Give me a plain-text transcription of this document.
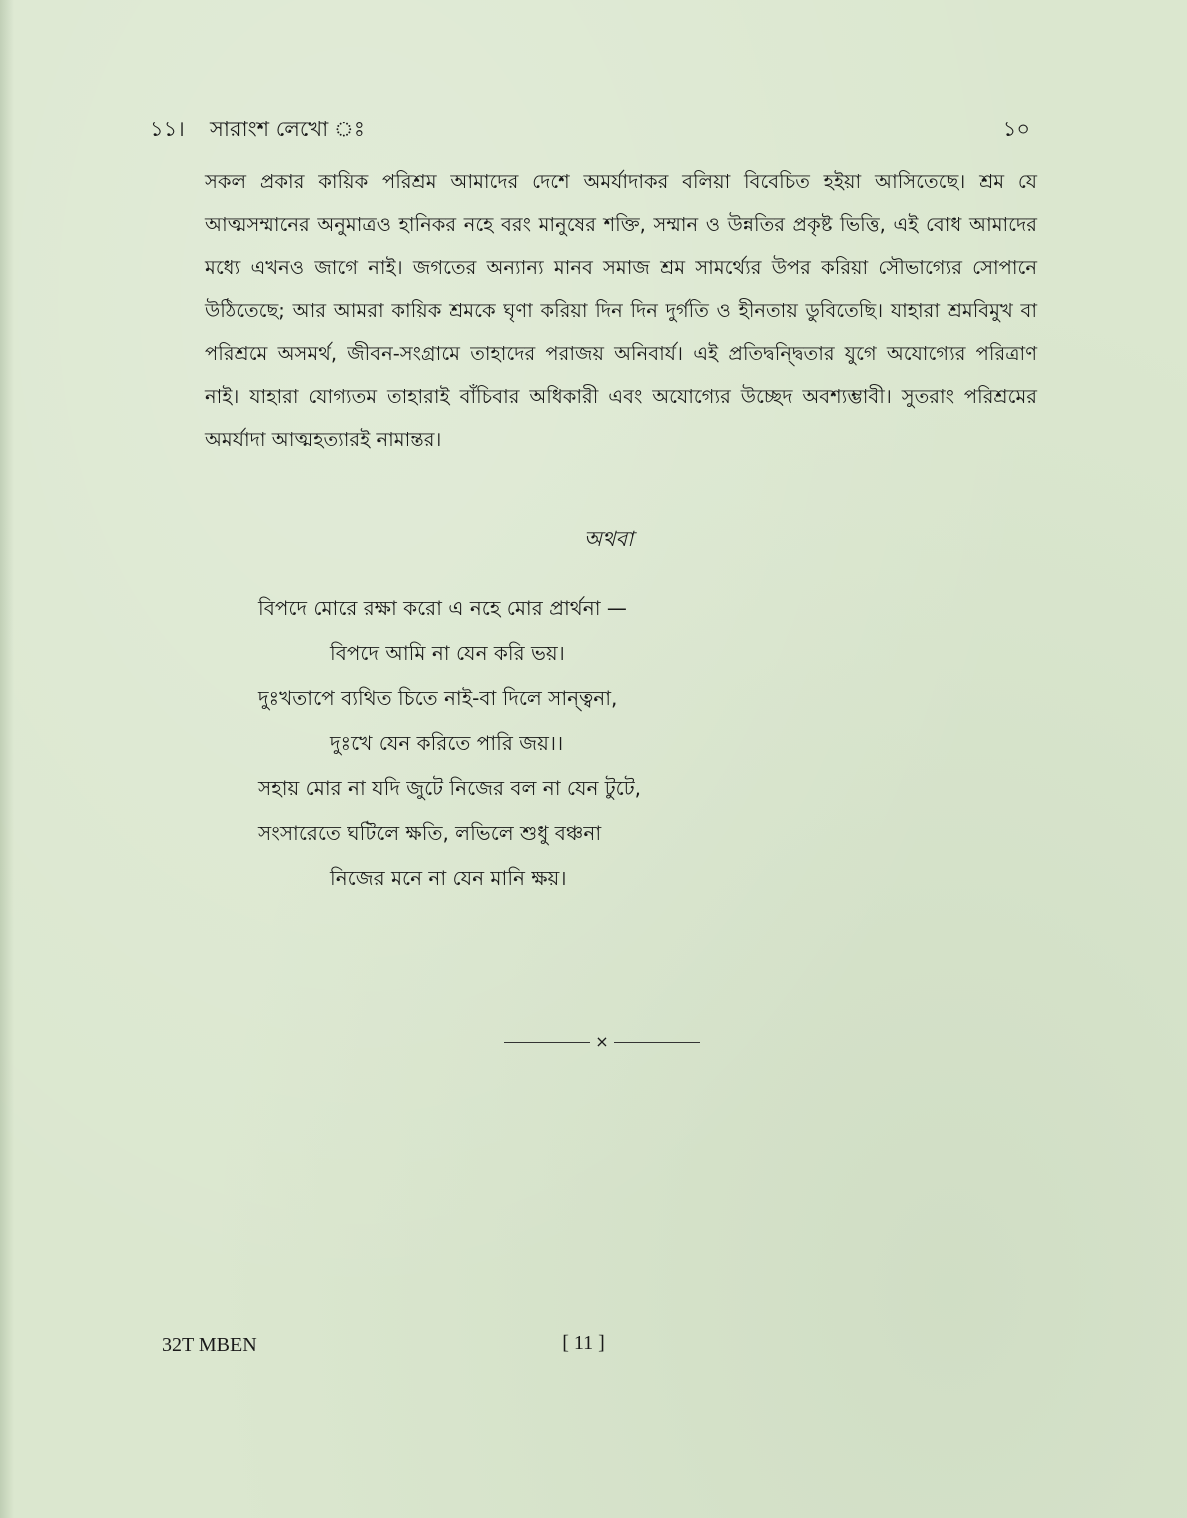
১১। সারাংশ লেখো ঃ	১০

সকল প্রকার কায়িক পরিশ্রম আমাদের দেশে অমর্যাদাকর বলিয়া বিবেচিত হইয়া আসিতেছে। শ্রম যে আত্মসম্মানের অনুমাত্রও হানিকর নহে বরং মানুষের শক্তি, সম্মান ও উন্নতির প্রকৃষ্ট ভিত্তি, এই বোধ আমাদের মধ্যে এখনও জাগে নাই। জগতের অন্যান্য মানব সমাজ শ্রম সামর্থ্যের উপর করিয়া সৌভাগ্যের সোপানে উঠিতেছে; আর আমরা কায়িক শ্রমকে ঘৃণা করিয়া দিন দিন দুর্গতি ও হীনতায় ডুবিতেছি। যাহারা শ্রমবিমুখ বা পরিশ্রমে অসমর্থ, জীবন-সংগ্রামে তাহাদের পরাজয় অনিবার্য। এই প্রতিদ্বন্দ্বিতার যুগে অযোগ্যের পরিত্রাণ নাই। যাহারা যোগ্যতম তাহারাই বাঁচিবার অধিকারী এবং অযোগ্যের উচ্ছেদ অবশ্যম্ভাবী। সুতরাং পরিশ্রমের অমর্যাদা আত্মহত্যারই নামান্তর।

অথবা
বিপদে মোরে রক্ষা করো এ নহে মোর প্রার্থনা —
বিপদে আমি না যেন করি ভয়।
দুঃখতাপে ব্যথিত চিতে নাই-বা দিলে সান্ত্বনা,
দুঃখে যেন করিতে পারি জয়।।
সহায় মোর না যদি জুটে নিজের বল না যেন টুটে,
সংসারেতে ঘটিলে ক্ষতি, লভিলে শুধু বঞ্চনা
নিজের মনে না যেন মানি ক্ষয়।
×
32T MBEN	[ 11 ]
